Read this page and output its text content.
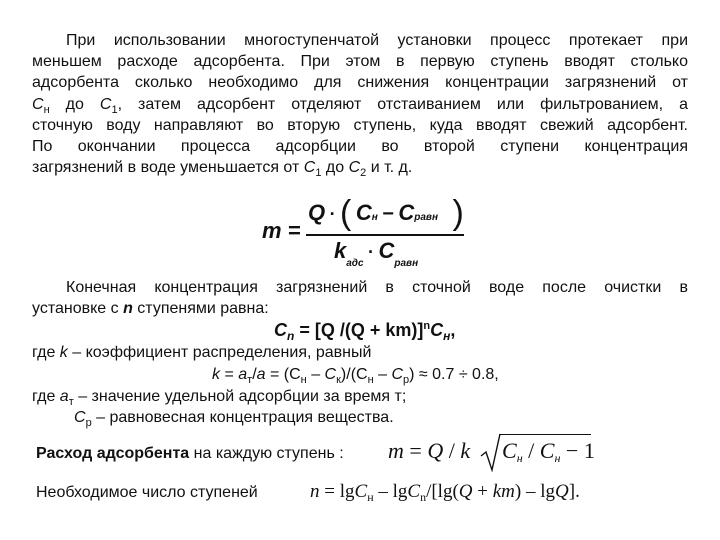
При использовании многоступенчатой установки процесс протекает при
меньшем расходе адсорбента. При этом в первую ступень вводят столько
адсорбента сколько необходимо для снижения концентрации загрязнений от
$С_н$ до $С_1$, затем адсорбент отделяют отстаиванием или фильтрованием, а
сточную воду направляют во вторую ступень, куда вводят свежий адсорбент.
По окончании процесса адсорбции во второй ступени концентрация
загрязнений в воде уменьшается от $С_1$ до $С_2$ и т. д.
m =
Q · ( Cн − Cравн )
$k_{адс} \cdot C_{равн}$
Конечная концентрация загрязнений в сточной воде после очистки в
установке с n ступенями равна:
$C_n = [Q$ $/(Q + km)]^nC_н$,
где k – коэффициент распределения, равный
$k = a_т/a = (С_н - С_к)/(С_н - С_р) \approx 0.7 \div 0.8$,
где $a_т$ – значение удельной адсорбции за время т;
$С_р$ – равновесная концентрация вещества.
Расход адсорбента на каждую ступень : m = Q / k $C_н / C_н - 1$
Необходимое число ступеней	n = lgC$_н$ – lgC$_n$/[lg(Q + km) – lgQ].
